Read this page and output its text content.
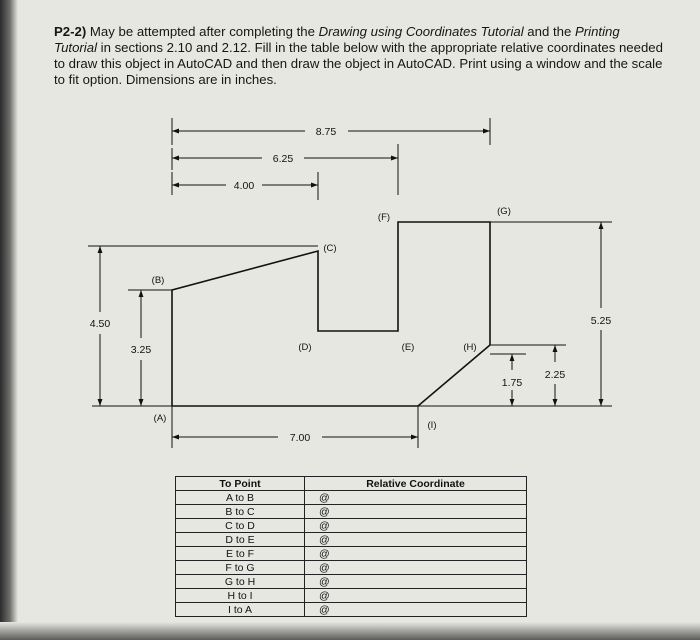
P2-2) May be attempted after completing the Drawing using Coordinates Tutorial and the Printing Tutorial in sections 2.10 and 2.12. Fill in the table below with the appropriate relative coordinates needed to draw this object in AutoCAD and then draw the object in AutoCAD. Print using a window and the scale to fit option. Dimensions are in inches.

8.75
6.25
4.00
4.50
3.25
7.00
5.25
2.25
1.75
(A)
(B)
(C)
(D)	(E)
(F)
(G)
(H)
(I)
To Point	Relative Coordinate
A to B	@
B to C	@
C to D	@
D to E	@
E to F	@
F to G	@
G to H	@
H to I	@
I to A	@
